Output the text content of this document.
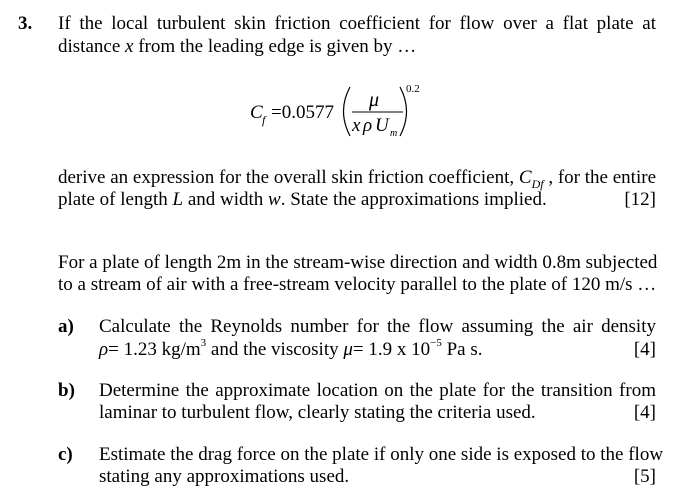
3. If the local turbulent skin friction coefficient for flow over a flat plate at
distance x from the leading edge is given by …
C f =0.0577
μ
x ρ U m
0.2
derive an expression for the overall skin friction coefficient, $C_{Df}$ , for the entire
plate of length L and width w. State the approximations implied.	[12]
For a plate of length 2m in the stream-wise direction and width 0.8m subjected
to a stream of air with a free-stream velocity parallel to the plate of 120 m/s …
a) Calculate the Reynolds number for the flow assuming the air density
ρ= 1.23 $kg/m^3$ and the viscosity μ= 1.9 x $10^{-5}$ Pa s.	[4]
b) Determine the approximate location on the plate for the transition from
laminar to turbulent flow, clearly stating the criteria used.	[4]
c) Estimate the drag force on the plate if only one side is exposed to the flow
stating any approximations used.	[5]
